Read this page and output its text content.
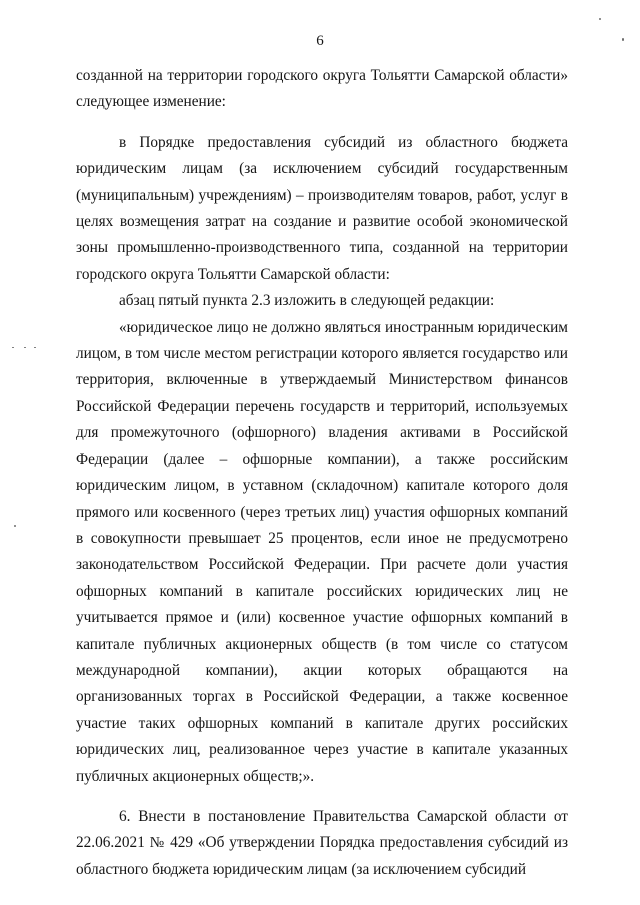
6

созданной на территории городского округа Тольятти Самарской области» следующее изменение:

в Порядке предоставления субсидий из областного бюджета юридическим лицам (за исключением субсидий государственным (муниципальным) учреждениям) – производителям товаров, работ, услуг в целях возмещения затрат на создание и развитие особой экономической зоны промышленно-производственного типа, созданной на территории городского округа Тольятти Самарской области:

абзац пятый пункта 2.3 изложить в следующей редакции:

«юридическое лицо не должно являться иностранным юридическим лицом, в том числе местом регистрации которого является государство или территория, включенные в утверждаемый Министерством финансов Российской Федерации перечень государств и территорий, используемых для промежуточного (офшорного) владения активами в Российской Федерации (далее – офшорные компании), а также российским юридическим лицом, в уставном (складочном) капитале которого доля прямого или косвенного (через третьих лиц) участия офшорных компаний в совокупности превышает 25 процентов, если иное не предусмотрено законодательством Российской Федерации. При расчете доли участия офшорных компаний в капитале российских юридических лиц не учитывается прямое и (или) косвенное участие офшорных компаний в капитале публичных акционерных обществ (в том числе со статусом международной компании), акции которых обращаются на организованных торгах в Российской Федерации, а также косвенное участие таких офшорных компаний в капитале других российских юридических лиц, реализованное через участие в капитале указанных публичных акционерных обществ;».

6. Внести в постановление Правительства Самарской области от 22.06.2021 № 429 «Об утверждении Порядка предоставления субсидий из областного бюджета юридическим лицам (за исключением субсидий
